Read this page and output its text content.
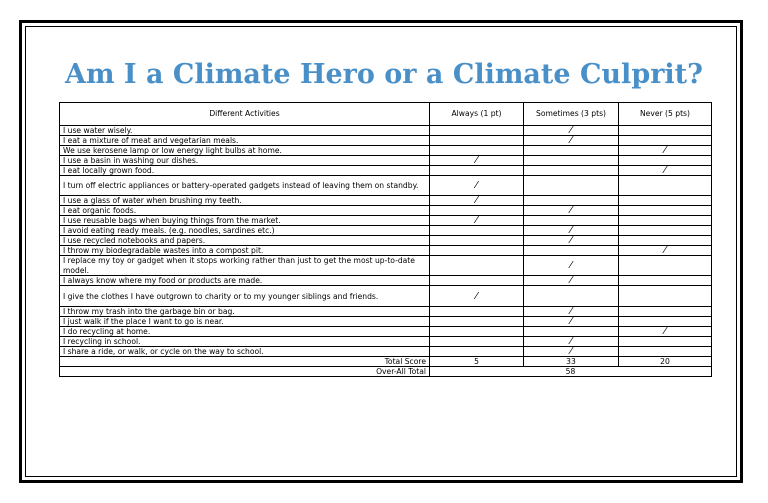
Am I a Climate Hero or a Climate Culprit?
Different Activities	Always (1 pt)	Sometimes (3 pts)	Never (5 pts)
I use water wisely.		⁄	
I eat a mixture of meat and vegetarian meals.		⁄	
We use kerosene lamp or low energy light bulbs at home.			⁄
I use a basin in washing our dishes.	⁄		
I eat locally grown food.			⁄
I turn off electric appliances or battery-operated gadgets instead of leaving them on standby.	⁄		
I use a glass of water when brushing my teeth.	⁄		
I eat organic foods.		⁄	
I use reusable bags when buying things from the market.	⁄		
I avoid eating ready meals. (e.g. noodles, sardines etc.)		⁄	
I use recycled notebooks and papers.		⁄	
I throw my biodegradable wastes into a compost pit.			⁄
I replace my toy or gadget when it stops working rather than just to get the most up-to-date model.		⁄	
I always know where my food or products are made.		⁄	
I give the clothes I have outgrown to charity or to my younger siblings and friends.	⁄		
I throw my trash into the garbage bin or bag.		⁄	
I just walk if the place I want to go is near.		⁄	
I do recycling at home.			⁄
I recycling in school.		⁄	
I share a ride, or walk, or cycle on the way to school.		⁄	
Total Score	5	33	20
Over-All Total	58		
